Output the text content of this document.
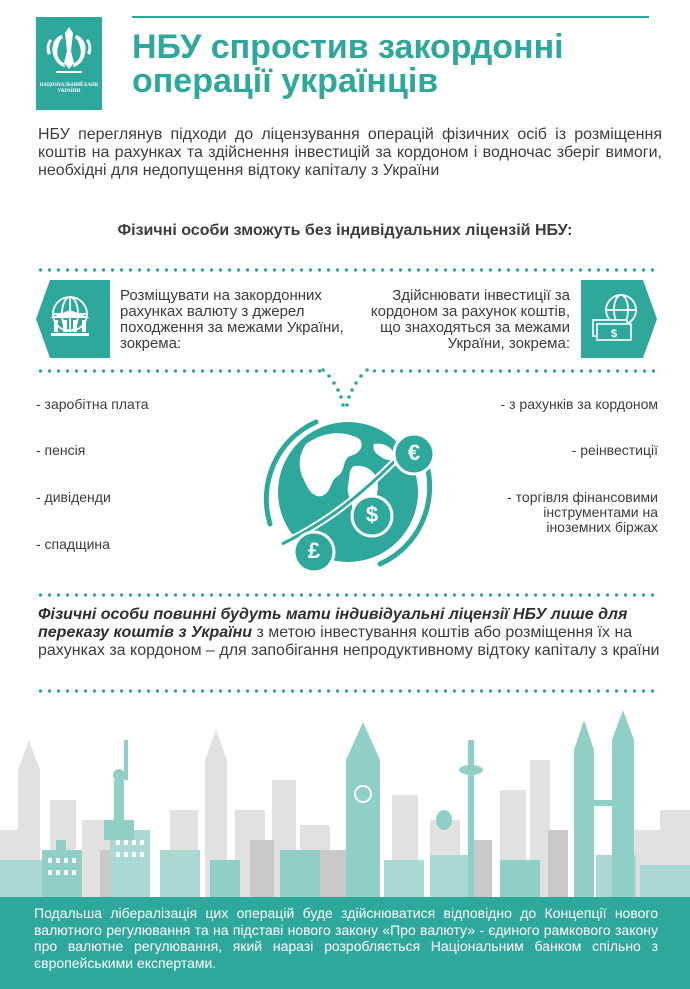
НАЦІОНАЛЬНИЙ БАНК УКРАЇНИ
НБУ спростив закордонні операції українців
НБУ переглянув підходи до ліцензування операцій фізичних осіб із розміщення коштів на рахунках та здійснення інвестицій за кордоном і водночас зберіг вимоги, необхідні для недопущення відтоку капіталу з України
Фізичні особи зможуть без індивідуальних ліцензій НБУ:
$
Розміщувати на закордонних рахунках валюту з джерел походження за межами України, зокрема:
Здійснювати інвестиції за кордоном за рахунок коштів, що знаходяться за межами України, зокрема:
- заробітна плата
- пенсія
- дивіденди
- спадщина
- з рахунків за кордоном
- реінвестиції
- торгівля фінансовими інструментами на іноземних біржах
€
$
£
Фізичні особи повинні будуть мати індивідуальні ліцензії НБУ лише для переказу коштів з України з метою інвестування коштів або розміщення їх на рахунках за кордоном – для запобігання непродуктивному відтоку капіталу з країни
Подальша лібералізація цих операцій буде здійснюватися відповідно до Концепції нового валютного регулювання та на підставі нового закону «Про валюту» - єдиного рамкового закону про валютне регулювання, який наразі розробляється Національним банком спільно з європейськими експертами.
